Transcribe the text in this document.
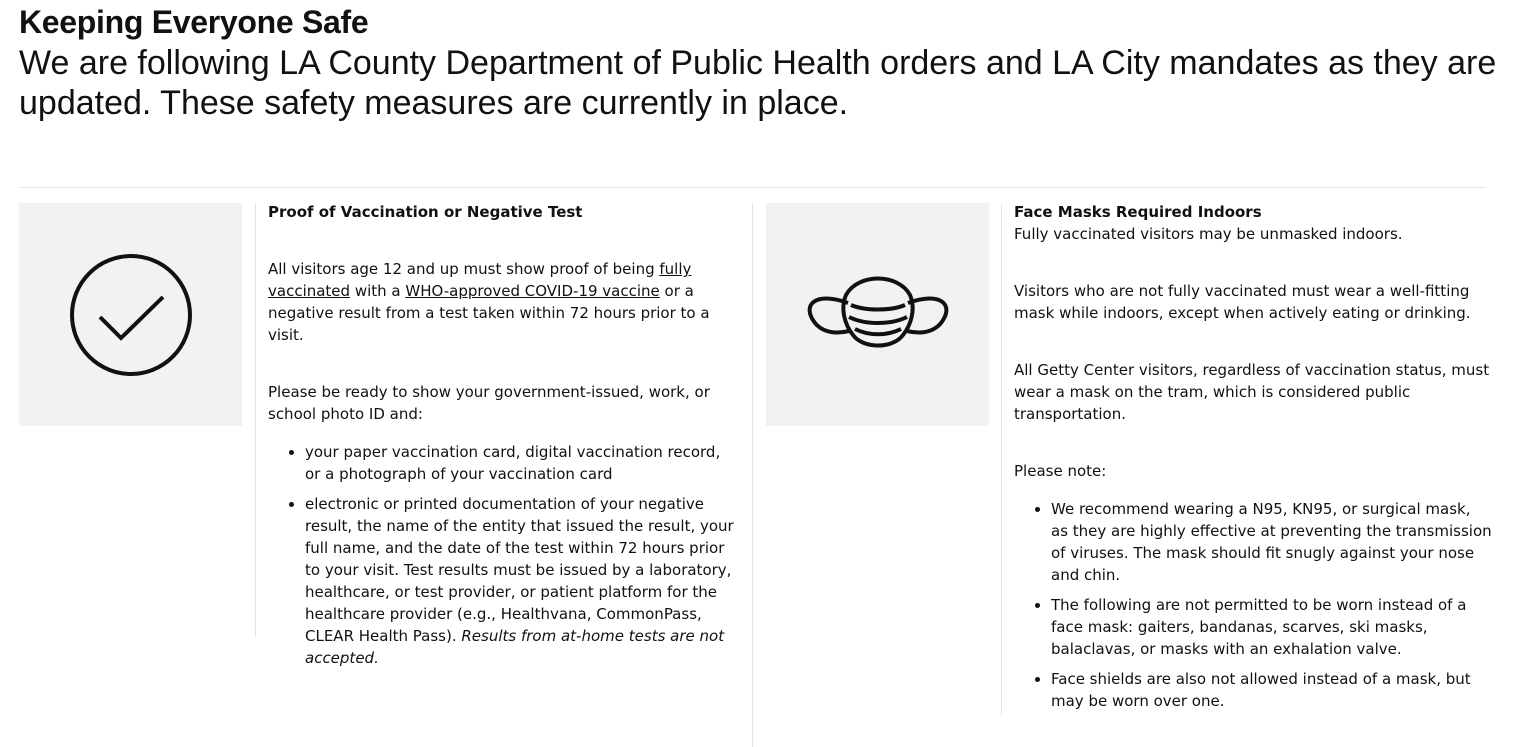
Keeping Everyone Safe

We are following LA County Department of Public Health orders and LA City mandates as they are updated. These safety measures are currently in place.

Proof of Vaccination or Negative Test

All visitors age 12 and up must show proof of being fully vaccinated with a WHO-approved COVID-19 vaccine or a negative result from a test taken within 72 hours prior to a visit.

Please be ready to show your government-issued, work, or school photo ID and:

• your paper vaccination card, digital vaccination record, or a photograph of your vaccination card
• electronic or printed documentation of your negative result, the name of the entity that issued the result, your full name, and the date of the test within 72 hours prior to your visit. Test results must be issued by a laboratory, healthcare, or test provider, or patient platform for the healthcare provider (e.g., Healthvana, CommonPass, CLEAR Health Pass). Results from at-home tests are not accepted.

Face Masks Required Indoors

Fully vaccinated visitors may be unmasked indoors.

Visitors who are not fully vaccinated must wear a well-fitting mask while indoors, except when actively eating or drinking.

All Getty Center visitors, regardless of vaccination status, must wear a mask on the tram, which is considered public transportation.

Please note:

• We recommend wearing a N95, KN95, or surgical mask, as they are highly effective at preventing the transmission of viruses. The mask should fit snugly against your nose and chin.
• The following are not permitted to be worn instead of a face mask: gaiters, bandanas, scarves, ski masks, balaclavas, or masks with an exhalation valve.
• Face shields are also not allowed instead of a mask, but may be worn over one.
